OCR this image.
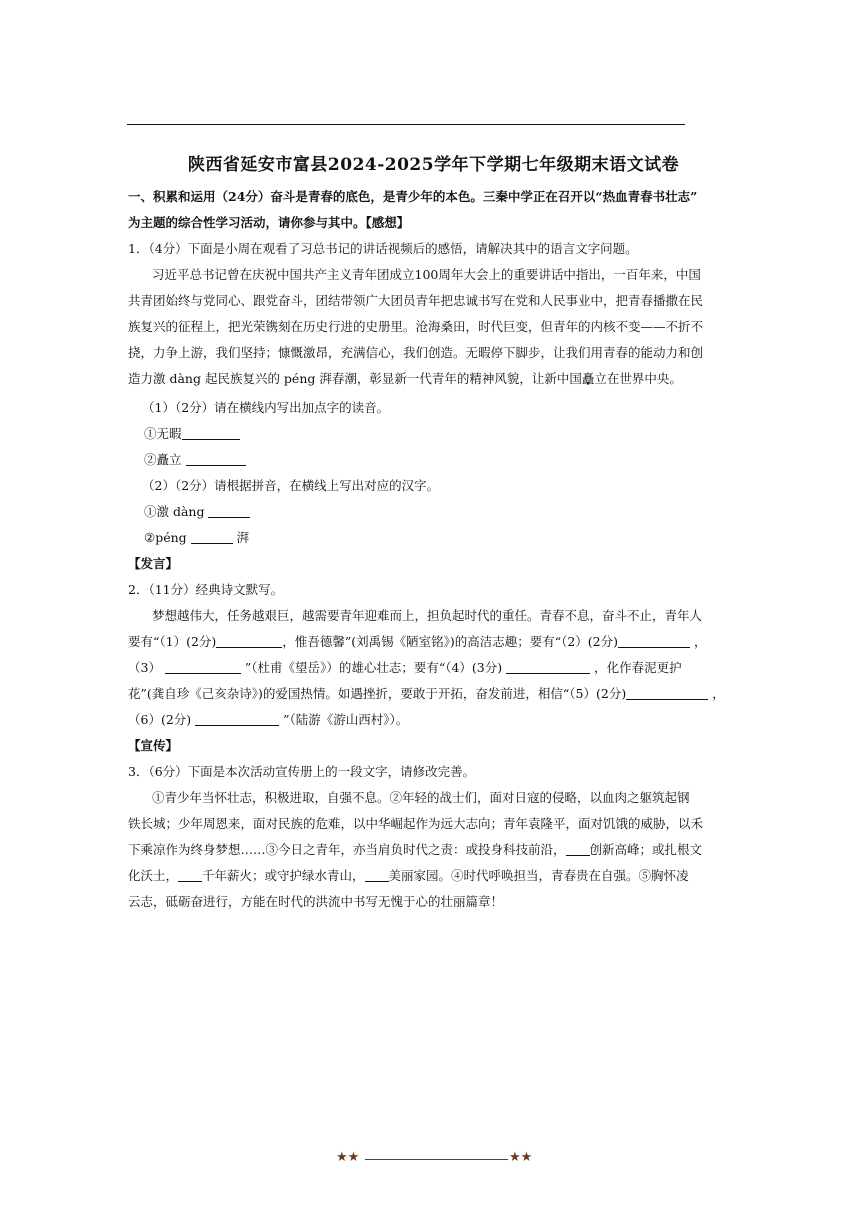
陕西省延安市富县2024-2025学年下学期七年级期末语文试卷
一、积累和运用（24分）奋斗是青春的底色，是青少年的本色。三秦中学正在召开以“热血青春书壮志”
为主题的综合性学习活动，请你参与其中。【感想】
1．（4分）下面是小周在观看了习总书记的讲话视频后的感悟，请解决其中的语言文字问题。
习近平总书记曾在庆祝中国共产主义青年团成立100周年大会上的重要讲话中指出，一百年来，中国
共青团始终与党同心、跟党奋斗，团结带领广大团员青年把忠诚书写在党和人民事业中，把青春播撒在民
族复兴的征程上，把光荣镌刻在历史行进的史册里。沧海桑田，时代巨变，但青年的内核不变——不折不
挠，力争上游，我们坚持；慷慨激昂，充满信心，我们创造。无暇停下脚步，让我们用青春的能动力和创
造力激 dàng 起民族复兴的 péng 湃春潮，彰显新一代青年的精神风貌，让新中国矗立在世界中央。
（1）（2分）请在横线内写出加点字的读音。
①无暇
②矗立
（2）（2分）请根据拼音，在横线上写出对应的汉字。
①激 dàng
②péng	湃
【发言】
2．（11分）经典诗文默写。
梦想越伟大，任务越艰巨，越需要青年迎难而上，担负起时代的重任。青春不息，奋斗不止，青年人
要有“（1）(2分)	，惟吾德馨”(刘禹锡《陋室铭》)的高洁志趣；要有“（2）(2分)	，
（3）	”（杜甫《望岳》）的雄心壮志；要有“（4）(3分)	，化作春泥更护
花”(龚自珍《己亥杂诗》)的爱国热情。如遇挫折，要敢于开拓，奋发前进，相信“（5）(2分)	，
（6）(2分)	”（陆游《游山西村》）。
【宣传】
3．（6分）下面是本次活动宣传册上的一段文字，请修改完善。
①青少年当怀壮志，积极进取，自强不息。②年轻的战士们，面对日寇的侵略，以血肉之躯筑起钢
铁长城；少年周恩来，面对民族的危难，以中华崛起作为远大志向；青年袁隆平，面对饥饿的威胁，以禾
下乘凉作为终身梦想……③今日之青年，亦当肩负时代之责：或投身科技前沿， 创新高峰；或扎根文
化沃土， 千年薪火；或守护绿水青山， 美丽家园。④时代呼唤担当，青春贵在自强。⑤胸怀凌
云志，砥砺奋进行，方能在时代的洪流中书写无愧于心的壮丽篇章！
★★	★★
